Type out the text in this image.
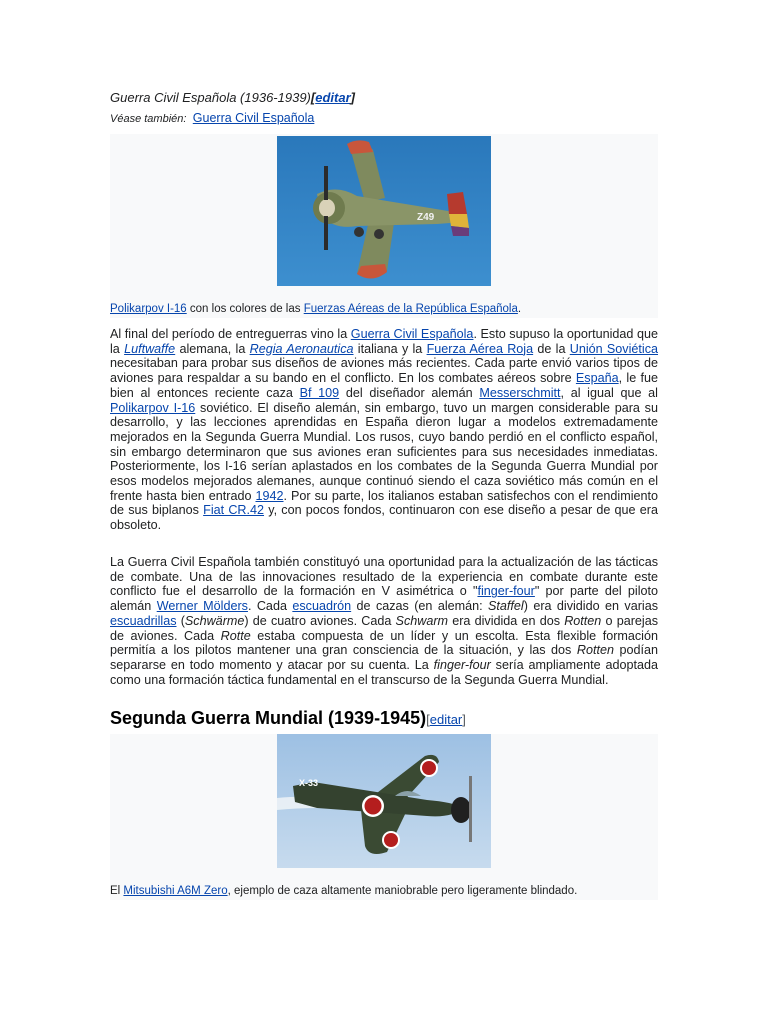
Guerra Civil Española (1936-1939)[editar]
Véase también: Guerra Civil Española
Z49
Polikarpov I-16 con los colores de las Fuerzas Aéreas de la República Española.

Al final del período de entreguerras vino la Guerra Civil Española. Esto supuso la oportunidad que la Luftwaffe alemana, la Regia Aeronautica italiana y la Fuerza Aérea Roja de la Unión Soviética necesitaban para probar sus diseños de aviones más recientes. Cada parte envió varios tipos de aviones para respaldar a su bando en el conflicto. En los combates aéreos sobre España, le fue bien al entonces reciente caza Bf 109 del diseñador alemán Messerschmitt, al igual que al Polikarpov I-16 soviético. El diseño alemán, sin embargo, tuvo un margen considerable para su desarrollo, y las lecciones aprendidas en España dieron lugar a modelos extremadamente mejorados en la Segunda Guerra Mundial. Los rusos, cuyo bando perdió en el conflicto español, sin embargo determinaron que sus aviones eran suficientes para sus necesidades inmediatas. Posteriormente, los I-16 serían aplastados en los combates de la Segunda Guerra Mundial por esos modelos mejorados alemanes, aunque continuó siendo el caza soviético más común en el frente hasta bien entrado 1942. Por su parte, los italianos estaban satisfechos con el rendimiento de sus biplanos Fiat CR.42 y, con pocos fondos, continuaron con ese diseño a pesar de que era obsoleto.

La Guerra Civil Española también constituyó una oportunidad para la actualización de las tácticas de combate. Una de las innovaciones resultado de la experiencia en combate durante este conflicto fue el desarrollo de la formación en V asimétrica o "finger-four" por parte del piloto alemán Werner Mölders. Cada escuadrón de cazas (en alemán: Staffel) era dividido en varias escuadrillas (Schwärme) de cuatro aviones. Cada Schwarm era dividida en dos Rotten o parejas de aviones. Cada Rotte estaba compuesta de un líder y un escolta. Esta flexible formación permitía a los pilotos mantener una gran consciencia de la situación, y las dos Rotten podían separarse en todo momento y atacar por su cuenta. La finger-four sería ampliamente adoptada como una formación táctica fundamental en el transcurso de la Segunda Guerra Mundial.

Segunda Guerra Mundial (1939-1945)[editar]
X-33
El Mitsubishi A6M Zero, ejemplo de caza altamente maniobrable pero ligeramente blindado.
